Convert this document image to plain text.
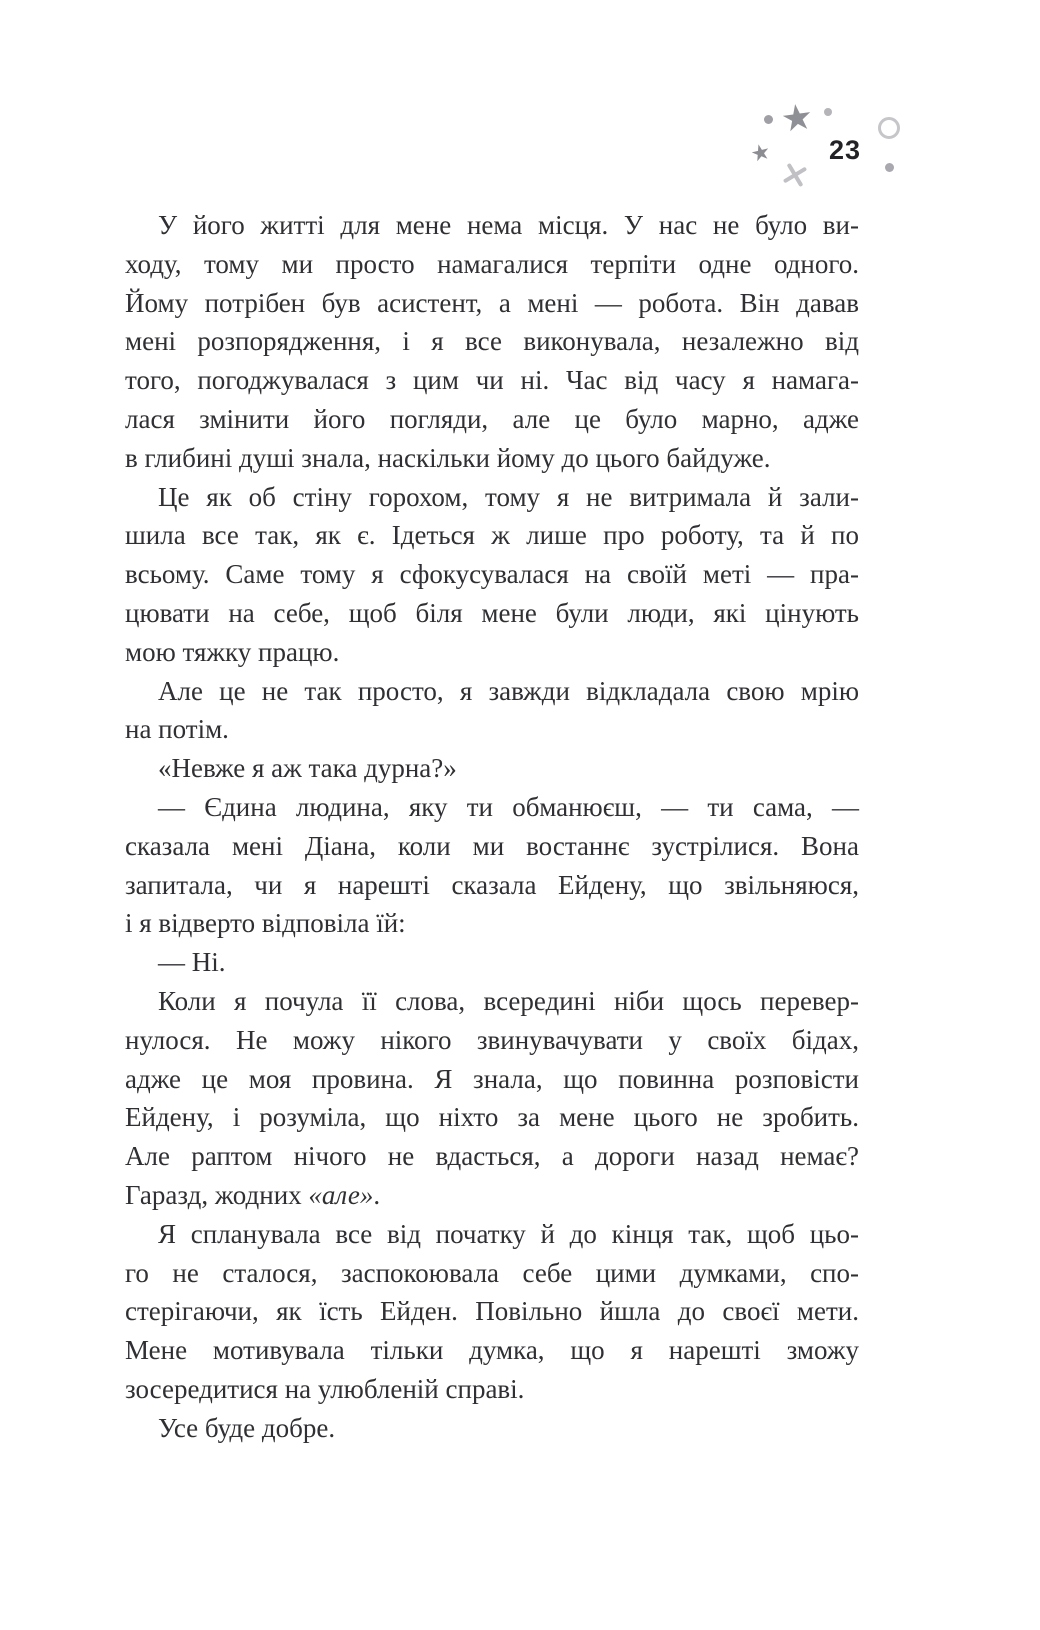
★
★ 23

У його житті для мене нема місця. У нас не було ви-
ходу, тому ми просто намагалися терпіти одне одного.
Йому потрібен був асистент, а мені — робота. Він давав
мені розпорядження, і я все виконувала, незалежно від
того, погоджувалася з цим чи ні. Час від часу я намага-
лася змінити його погляди, але це було марно, адже
в глибині душі знала, наскільки йому до цього байдуже.

Це як об стіну горохом, тому я не витримала й зали-
шила все так, як є. Ідеться ж лише про роботу, та й по
всьому. Саме тому я сфокусувалася на своїй меті — пра-
цювати на себе, щоб біля мене були люди, які цінують
мою тяжку працю.

Але це не так просто, я завжди відкладала свою мрію
на потім.

«Невже я аж така дурна?»

— Єдина людина, яку ти обманюєш, — ти сама, —
сказала мені Діана, коли ми востаннє зустрілися. Вона
запитала, чи я нарешті сказала Ейдену, що звільняюся,
і я відверто відповіла їй:

— Ні.

Коли я почула її слова, всередині ніби щось перевер-
нулося. Не можу нікого звинувачувати у своїх бідах,
адже це моя провина. Я знала, що повинна розповісти
Ейдену, і розуміла, що ніхто за мене цього не зробить.
Але раптом нічого не вдасться, а дороги назад немає?
Гаразд, жодних «але».

Я спланувала все від початку й до кінця так, щоб цьо-
го не сталося, заспокоювала себе цими думками, спо-
стерігаючи, як їсть Ейден. Повільно йшла до своєї мети.
Мене мотивувала тільки думка, що я нарешті зможу
зосередитися на улюбленій справі.

Усе буде добре.
